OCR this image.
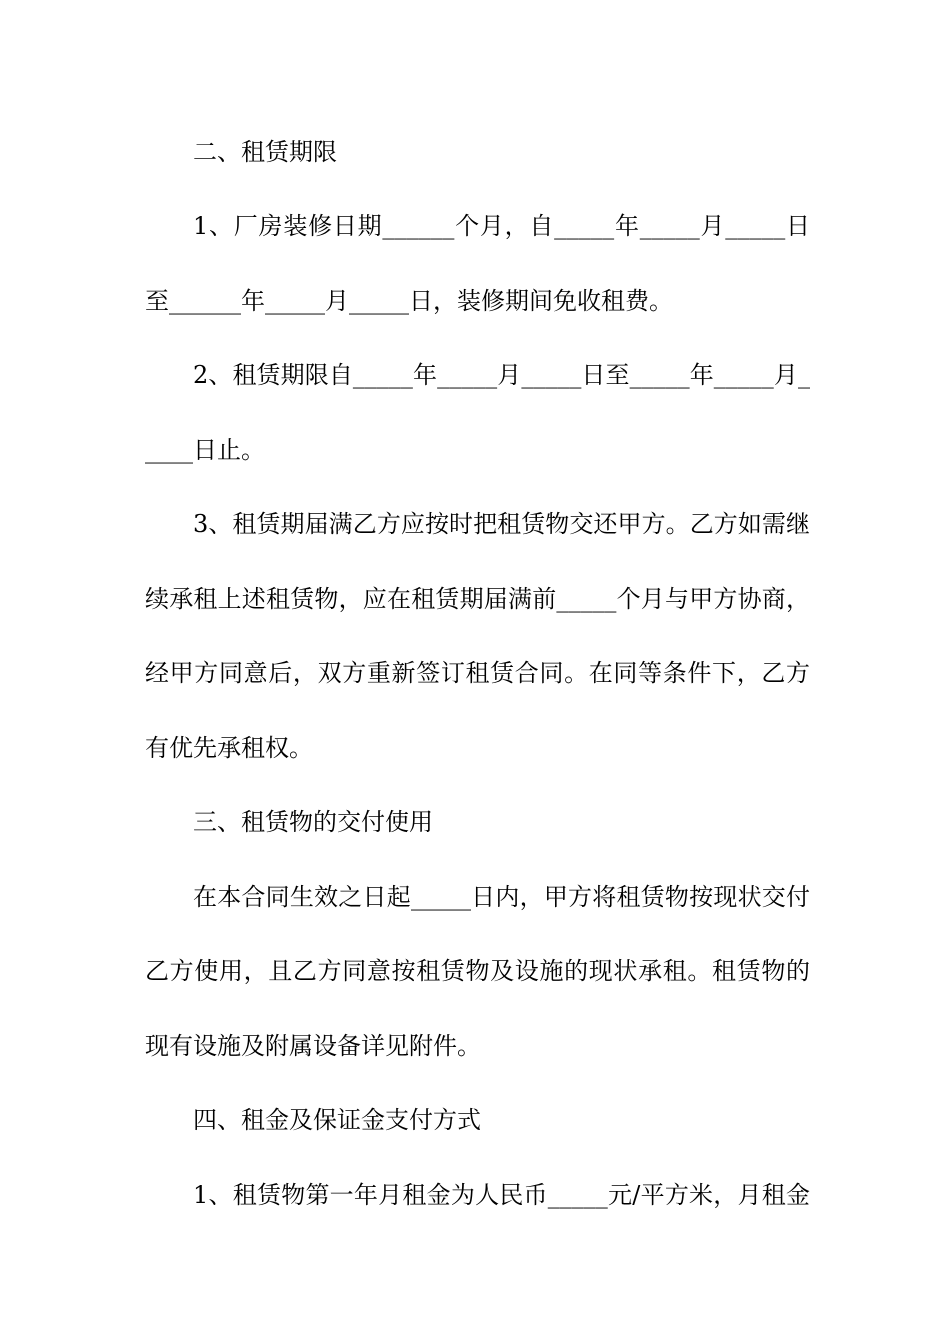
二、租赁期限
1、厂房装修日期______个月，自_____年_____月_____日
至______年_____月_____日，装修期间免收租费。
2、租赁期限自_____年_____月_____日至_____年_____月_
____日止。
3、租赁期届满乙方应按时把租赁物交还甲方。乙方如需继
续承租上述租赁物，应在租赁期届满前_____个月与甲方协商，
经甲方同意后，双方重新签订租赁合同。在同等条件下，乙方
有优先承租权。
三、租赁物的交付使用
在本合同生效之日起_____日内，甲方将租赁物按现状交付
乙方使用，且乙方同意按租赁物及设施的现状承租。租赁物的
现有设施及附属设备详见附件。
四、租金及保证金支付方式
1、租赁物第一年月租金为人民币_____元/平方米，月租金
